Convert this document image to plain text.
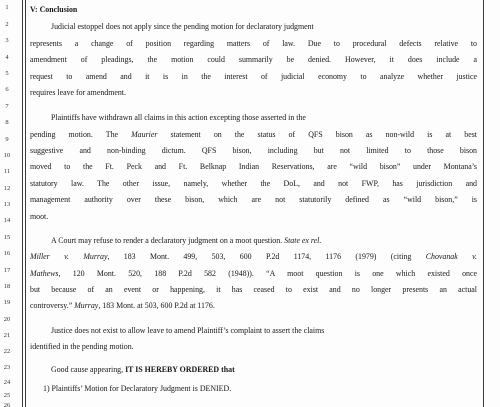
1
2
3
4
5
6
7
8
9
10
11
12
13
14
15
16
17
18
19
20
21
22
23
24
25
26
V: Conclusion
Judicial estoppel does not apply since the pending motion for declaratory judgment
represents a change of position regarding matters of law. Due to procedural defects relative to
amendment of pleadings, the motion could summarily be denied. However, it does include a
request to amend and it is in the interest of judicial economy to analyze whether justice
requires leave for amendment.
Plaintiffs have withdrawn all claims in this action excepting those asserted in the
pending motion. The Maurier statement on the status of QFS bison as non-wild is at best
suggestive and non-binding dictum. QFS bison, including but not limited to those bison
moved to the Ft. Peck and Ft. Belknap Indian Reservations, are “wild bison” under Montana’s
statutory law. The other issue, namely, whether the DoL, and not FWP, has jurisdiction and
management authority over these bison, which are not statutorily defined as “wild bison,” is
moot.
A Court may refuse to render a declaratory judgment on a moot question. State ex rel.
Miller v. Murray, 183 Mont. 499, 503, 600 P.2d 1174, 1176 (1979) (citing Chovanak v.
Mathews, 120 Mont. 520, 188 P.2d 582 (1948)). “A moot question is one which existed once
but because of an event or happening, it has ceased to exist and no longer presents an actual
controversy.” Murray, 183 Mont. at 503, 600 P.2d at 1176.
Justice does not exist to allow leave to amend Plaintiff’s complaint to assert the claims
identified in the pending motion.
Good cause appearing, IT IS HEREBY ORDERED that
1) Plaintiffs’ Motion for Declaratory Judgment is DENIED.
